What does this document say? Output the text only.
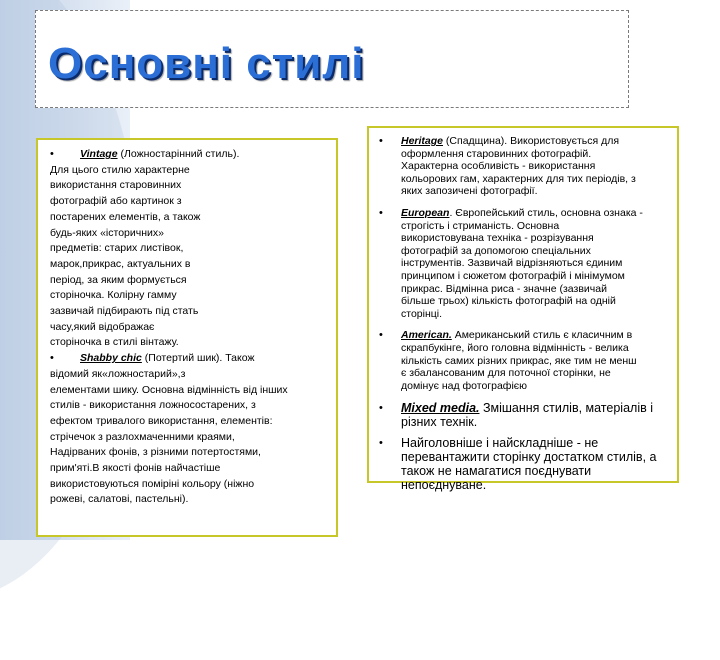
Основні стилі
•	Vintage (Ложностарінний стиль).
Для цього стилю характерне
використання старовинних
фотографій або картинок з
постарених елементів, а також
будь-яких «історичних»
предметів: старих листівок,
марок,прикрас, актуальних в
період, за яким формується
сторіночка. Колірну гамму
зазвичай підбирають під стать
часу,який відображає
сторіночка в стилі вінтажу.
•	Shabby chic (Потертий шик). Також
відомий як«ложностарий»,з
елементами шику. Основна відмінність від інших
стилів - використання ложносостарених, з
ефектом тривалого використання, елементів:
стрічечок з разлохмаченними краями,
Надірваних фонів, з різними потертостями,
прим'яті.В якості фонів найчастіше
використовуються поміріні кольору (ніжно
рожеві, салатові, пастельні).
• Heritage (Спадщина). Використовується для
оформлення старовинних фотографій.
Характерна особливість - використання
кольорових гам, характерних для тих періодів, з
яких запозичені фотографії.
• European. Європейський стиль, основна ознака -
строгість і стриманість. Основна
використовувана техніка - розрізування
фотографій за допомогою спеціальних
інструментів. Зазвичай відрізняються єдиним
принципом і сюжетом фотографій і мінімумом
прикрас. Відмінна риса - значне (зазвичай
більше трьох) кількість фотографій на одній
сторінці.
• American. Американський стиль є класичним в
скрапбукінге, його головна відмінність - велика
кількість самих різних прикрас, яке тим не менш
є збалансованим для поточної сторінки, не
домінує над фотографією
• Mixed media. Змішання стилів, матеріалів і
різних технік.
• Найголовніше і найскладніше - не
перевантажити сторінку достатком стилів, а
також не намагатися поєднувати
непоєднуване.
